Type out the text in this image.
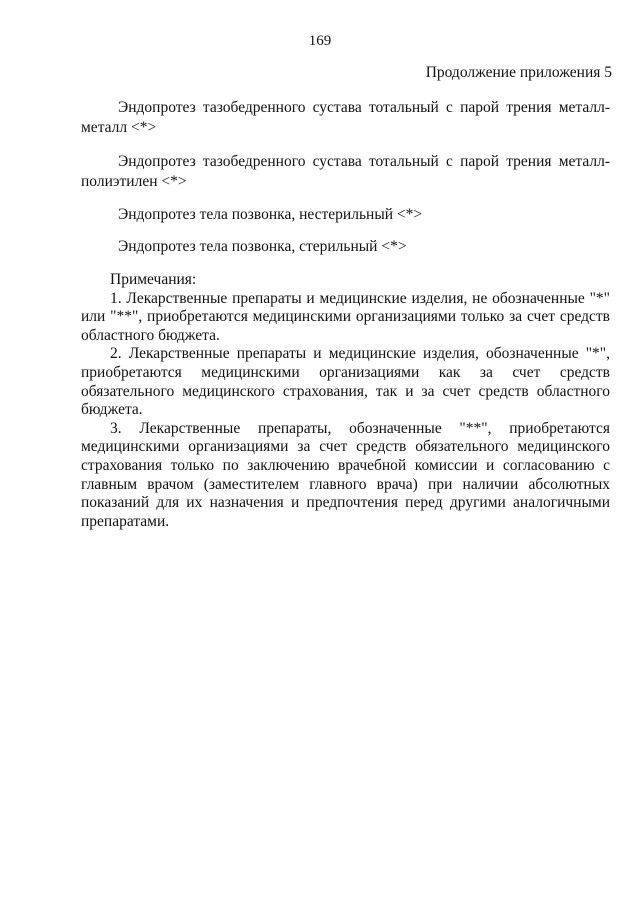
169
Продолжение приложения 5
Эндопротез тазобедренного сустава тотальный с парой трения металл-металл <*>
Эндопротез тазобедренного сустава тотальный с парой трения металл-полиэтилен <*>
Эндопротез тела позвонка, нестерильный <*>
Эндопротез тела позвонка, стерильный <*>
Примечания:

1. Лекарственные препараты и медицинские изделия, не обозначенные "*" или "**", приобретаются медицинскими организациями только за счет средств областного бюджета.

2. Лекарственные препараты и медицинские изделия, обозначенные "*", приобретаются медицинскими организациями как за счет средств обязательного медицинского страхования, так и за счет средств областного бюджета.

3. Лекарственные препараты, обозначенные "**", приобретаются медицинскими организациями за счет средств обязательного медицинского страхования только по заключению врачебной комиссии и согласованию с главным врачом (заместителем главного врача) при наличии абсолютных показаний для их назначения и предпочтения перед другими аналогичными препаратами.
